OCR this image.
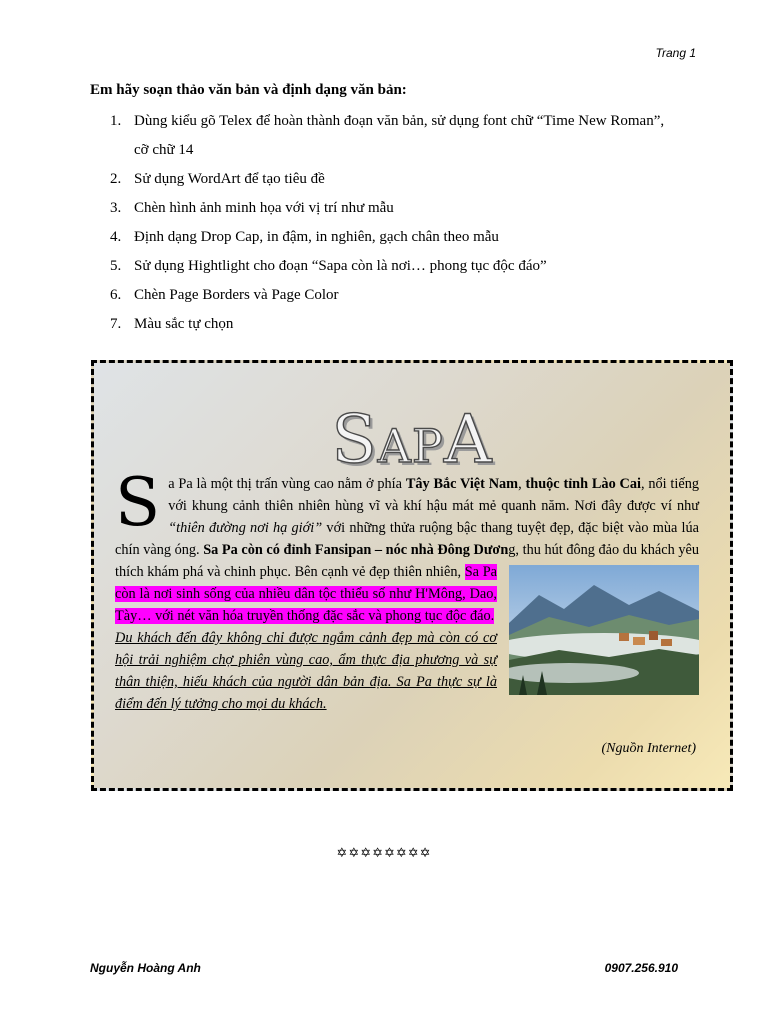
Trang 1
Em hãy soạn thảo văn bản và định dạng văn bản:
1. Dùng kiểu gõ Telex để hoàn thành đoạn văn bản, sử dụng font chữ “Time New Roman”, cỡ chữ 14
2. Sử dụng WordArt để tạo tiêu đề
3. Chèn hình ảnh minh họa với vị trí như mẫu
4. Định dạng Drop Cap, in đậm, in nghiên, gạch chân theo mẫu
5. Sử dụng Hightlight cho đoạn “Sapa còn là nơi… phong tục độc đáo”
6. Chèn Page Borders và Page Color
7. Màu sắc tự chọn
SAPA
S a Pa là một thị trấn vùng cao nằm ở phía Tây Bắc Việt Nam, thuộc tỉnh Lào Cai, nổi tiếng với khung cảnh thiên nhiên hùng vĩ và khí hậu mát mẻ quanh năm. Nơi đây được ví như “thiên đường nơi hạ giới” với những thửa ruộng bậc thang tuyệt đẹp, đặc biệt vào mùa lúa chín vàng óng. Sa Pa còn có đỉnh Fansipan – nóc nhà Đông Dương, thu hút đông đảo du khách yêu thích khám phá và chinh phục. Bên cạnh vẻ đẹp thiên nhiên,
Sa Pa còn là nơi sinh sống của nhiều dân tộc thiểu số như H'Mông, Dao, Tày… với nét văn hóa truyền thống đặc sắc và phong tục độc đáo.
Du khách đến đây không chỉ được ngắm cảnh đẹp mà còn có cơ hội trải nghiệm chợ phiên vùng cao, ẩm thực địa phương và sự thân thiện, hiếu khách của người dân bản địa. Sa Pa thực sự là điểm đến lý tưởng cho mọi du khách.
(Nguồn Internet)
✡✡✡✡✡✡✡✡
Nguyễn Hoàng Anh	0907.256.910
